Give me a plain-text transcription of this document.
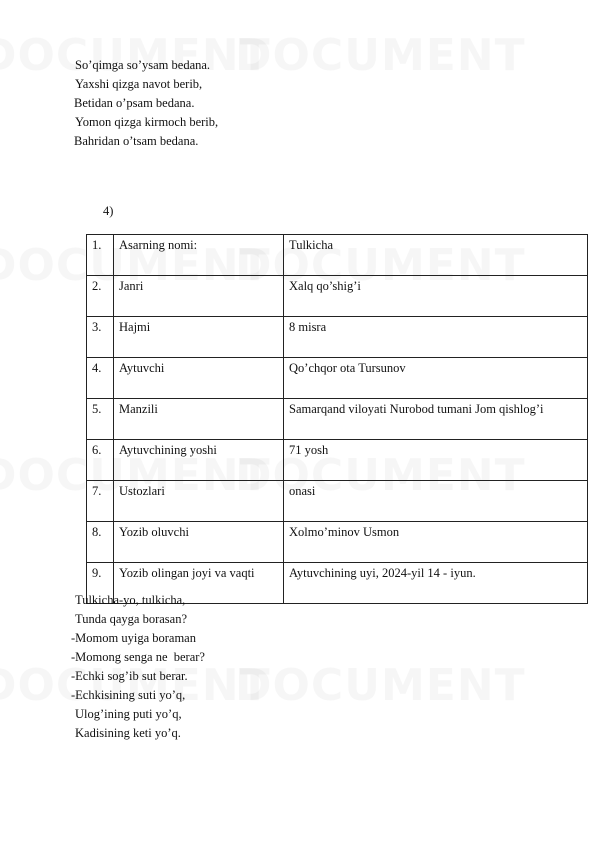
So’qimga so’ysam bedana.
Yaxshi qizga navot berib,
Betidan o’psam bedana.
Yomon qizga kirmoch berib,
Bahridan o’tsam bedana.
4)
1.	Asarning nomi:	Tulkicha
2.	Janri	Xalq qo’shig’i
3.	Hajmi	8 misra
4.	Aytuvchi	Qo’chqor ota Tursunov
5.	Manzili	Samarqand viloyati Nurobod tumani Jom qishlog’i
6.	Aytuvchining yoshi	71 yosh
7.	Ustozlari	onasi
8.	Yozib oluvchi	Xolmo’minov Usmon
9.	Yozib olingan joyi va vaqti	Aytuvchining uyi, 2024-yil 14 - iyun.
Tulkicha-yo, tulkicha,
Tunda qayga borasan?
-Momom uyiga boraman
-Momong senga ne  berar?
-Echki sog’ib sut berar.
-Echkisining suti yo’q,
Ulog’ining puti yo’q,
Kadisining keti yo’q.
